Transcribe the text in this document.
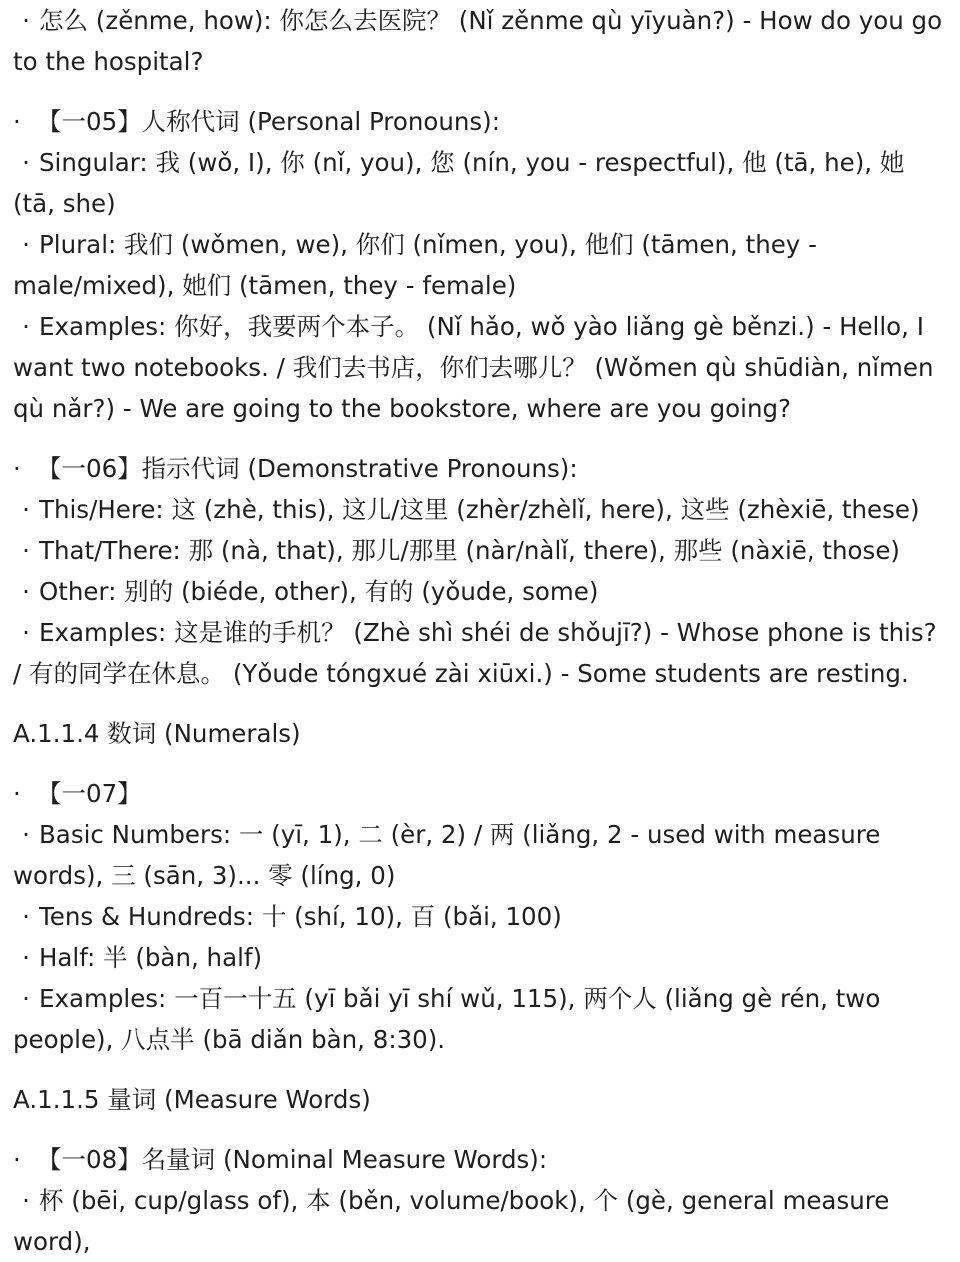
· 怎么 (zěnme, how): 你怎么去医院？ (Nǐ zěnme qù yīyuàn?) - How do you go to the hospital?
· 【一05】人称代词 (Personal Pronouns):
· Singular: 我 (wǒ, I), 你 (nǐ, you), 您 (nín, you - respectful), 他 (tā, he), 她 (tā, she)
· Plural: 我们 (wǒmen, we), 你们 (nǐmen, you), 他们 (tāmen, they - male/mixed), 她们 (tāmen, they - female)
· Examples: 你好，我要两个本子。 (Nǐ hǎo, wǒ yào liǎng gè běnzi.) - Hello, I want two notebooks. / 我们去书店，你们去哪儿？ (Wǒmen qù shūdiàn, nǐmen qù nǎr?) - We are going to the bookstore, where are you going?
· 【一06】指示代词 (Demonstrative Pronouns):
· This/Here: 这 (zhè, this), 这儿/这里 (zhèr/zhèlǐ, here), 这些 (zhèxiē, these)
· That/There: 那 (nà, that), 那儿/那里 (nàr/nàlǐ, there), 那些 (nàxiē, those)
· Other: 别的 (biéde, other), 有的 (yǒude, some)
· Examples: 这是谁的手机？ (Zhè shì shéi de shǒujī?) - Whose phone is this? / 有的同学在休息。 (Yǒude tóngxué zài xiūxi.) - Some students are resting.
A.1.1.4 数词 (Numerals)
· 【一07】
· Basic Numbers: 一 (yī, 1), 二 (èr, 2) / 两 (liǎng, 2 - used with measure words), 三 (sān, 3)... 零 (líng, 0)
· Tens & Hundreds: 十 (shí, 10), 百 (bǎi, 100)
· Half: 半 (bàn, half)
· Examples: 一百一十五 (yī bǎi yī shí wǔ, 115), 两个人 (liǎng gè rén, two people), 八点半 (bā diǎn bàn, 8:30).
A.1.1.5 量词 (Measure Words)
· 【一08】名量词 (Nominal Measure Words):
· 杯 (bēi, cup/glass of), 本 (běn, volume/book), 个 (gè, general measure word),
